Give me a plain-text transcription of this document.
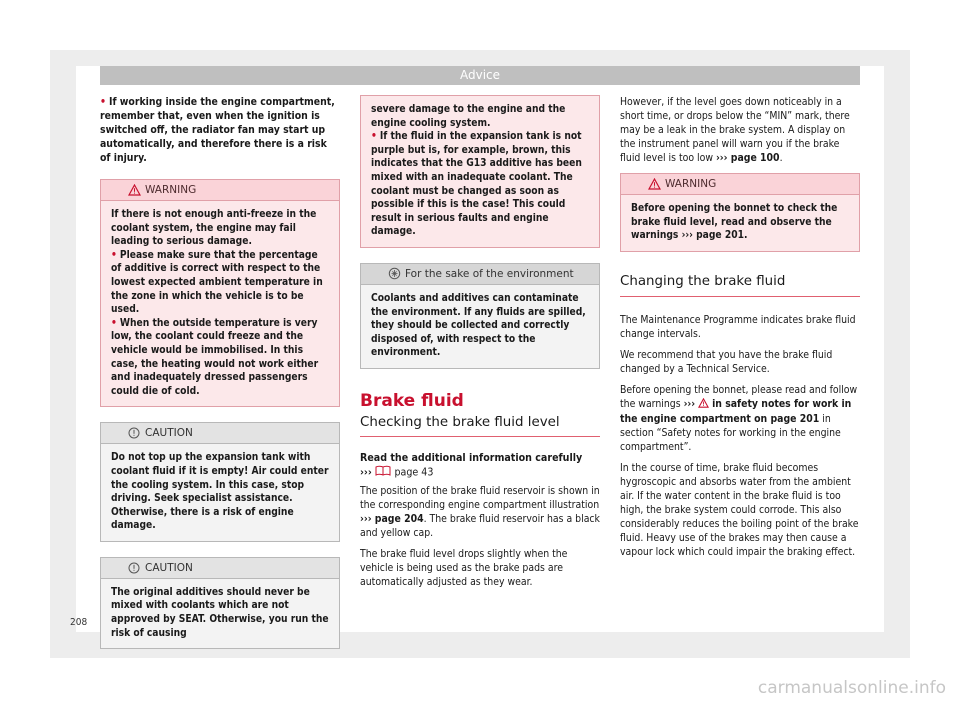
Advice

• If working inside the engine compartment, remember that, even when the ignition is switched off, the radiator fan may start up automatically, and therefore there is a risk of injury.

WARNING

If there is not enough anti-freeze in the coolant system, the engine may fail leading to serious damage.

• Please make sure that the percentage of additive is correct with respect to the lowest expected ambient temperature in the zone in which the vehicle is to be used.

• When the outside temperature is very low, the coolant could freeze and the vehicle would be immobilised. In this case, the heating would not work either and inadequately dressed passengers could die of cold.

CAUTION

Do not top up the expansion tank with coolant fluid if it is empty! Air could enter the cooling system. In this case, stop driving. Seek specialist assistance. Otherwise, there is a risk of engine damage.

CAUTION

The original additives should never be mixed with coolants which are not approved by SEAT. Otherwise, you run the risk of causing

severe damage to the engine and the engine cooling system.

• If the fluid in the expansion tank is not purple but is, for example, brown, this indicates that the G13 additive has been mixed with an inadequate coolant. The coolant must be changed as soon as possible if this is the case! This could result in serious faults and engine damage.

For the sake of the environment

Coolants and additives can contaminate the environment. If any fluids are spilled, they should be collected and correctly disposed of, with respect to the environment.

Brake fluid
Checking the brake fluid level

Read the additional information carefully
››› page 43

The position of the brake fluid reservoir is shown in the corresponding engine compartment illustration ››› page 204. The brake fluid reservoir has a black and yellow cap.

The brake fluid level drops slightly when the vehicle is being used as the brake pads are automatically adjusted as they wear.

However, if the level goes down noticeably in a short time, or drops below the “MIN” mark, there may be a leak in the brake system. A display on the instrument panel will warn you if the brake fluid level is too low ››› page 100.

WARNING

Before opening the bonnet to check the brake fluid level, read and observe the warnings ››› page 201.

Changing the brake fluid

The Maintenance Programme indicates brake fluid change intervals.

We recommend that you have the brake fluid changed by a Technical Service.

Before opening the bonnet, please read and follow the warnings ››› in safety notes for work in the engine compartment on page 201 in section “Safety notes for working in the engine compartment”.

In the course of time, brake fluid becomes hygroscopic and absorbs water from the ambient air. If the water content in the brake fluid is too high, the brake system could corrode. This also considerably reduces the boiling point of the brake fluid. Heavy use of the brakes may then cause a vapour lock which could impair the braking effect.

208
carmanualsonline.info
